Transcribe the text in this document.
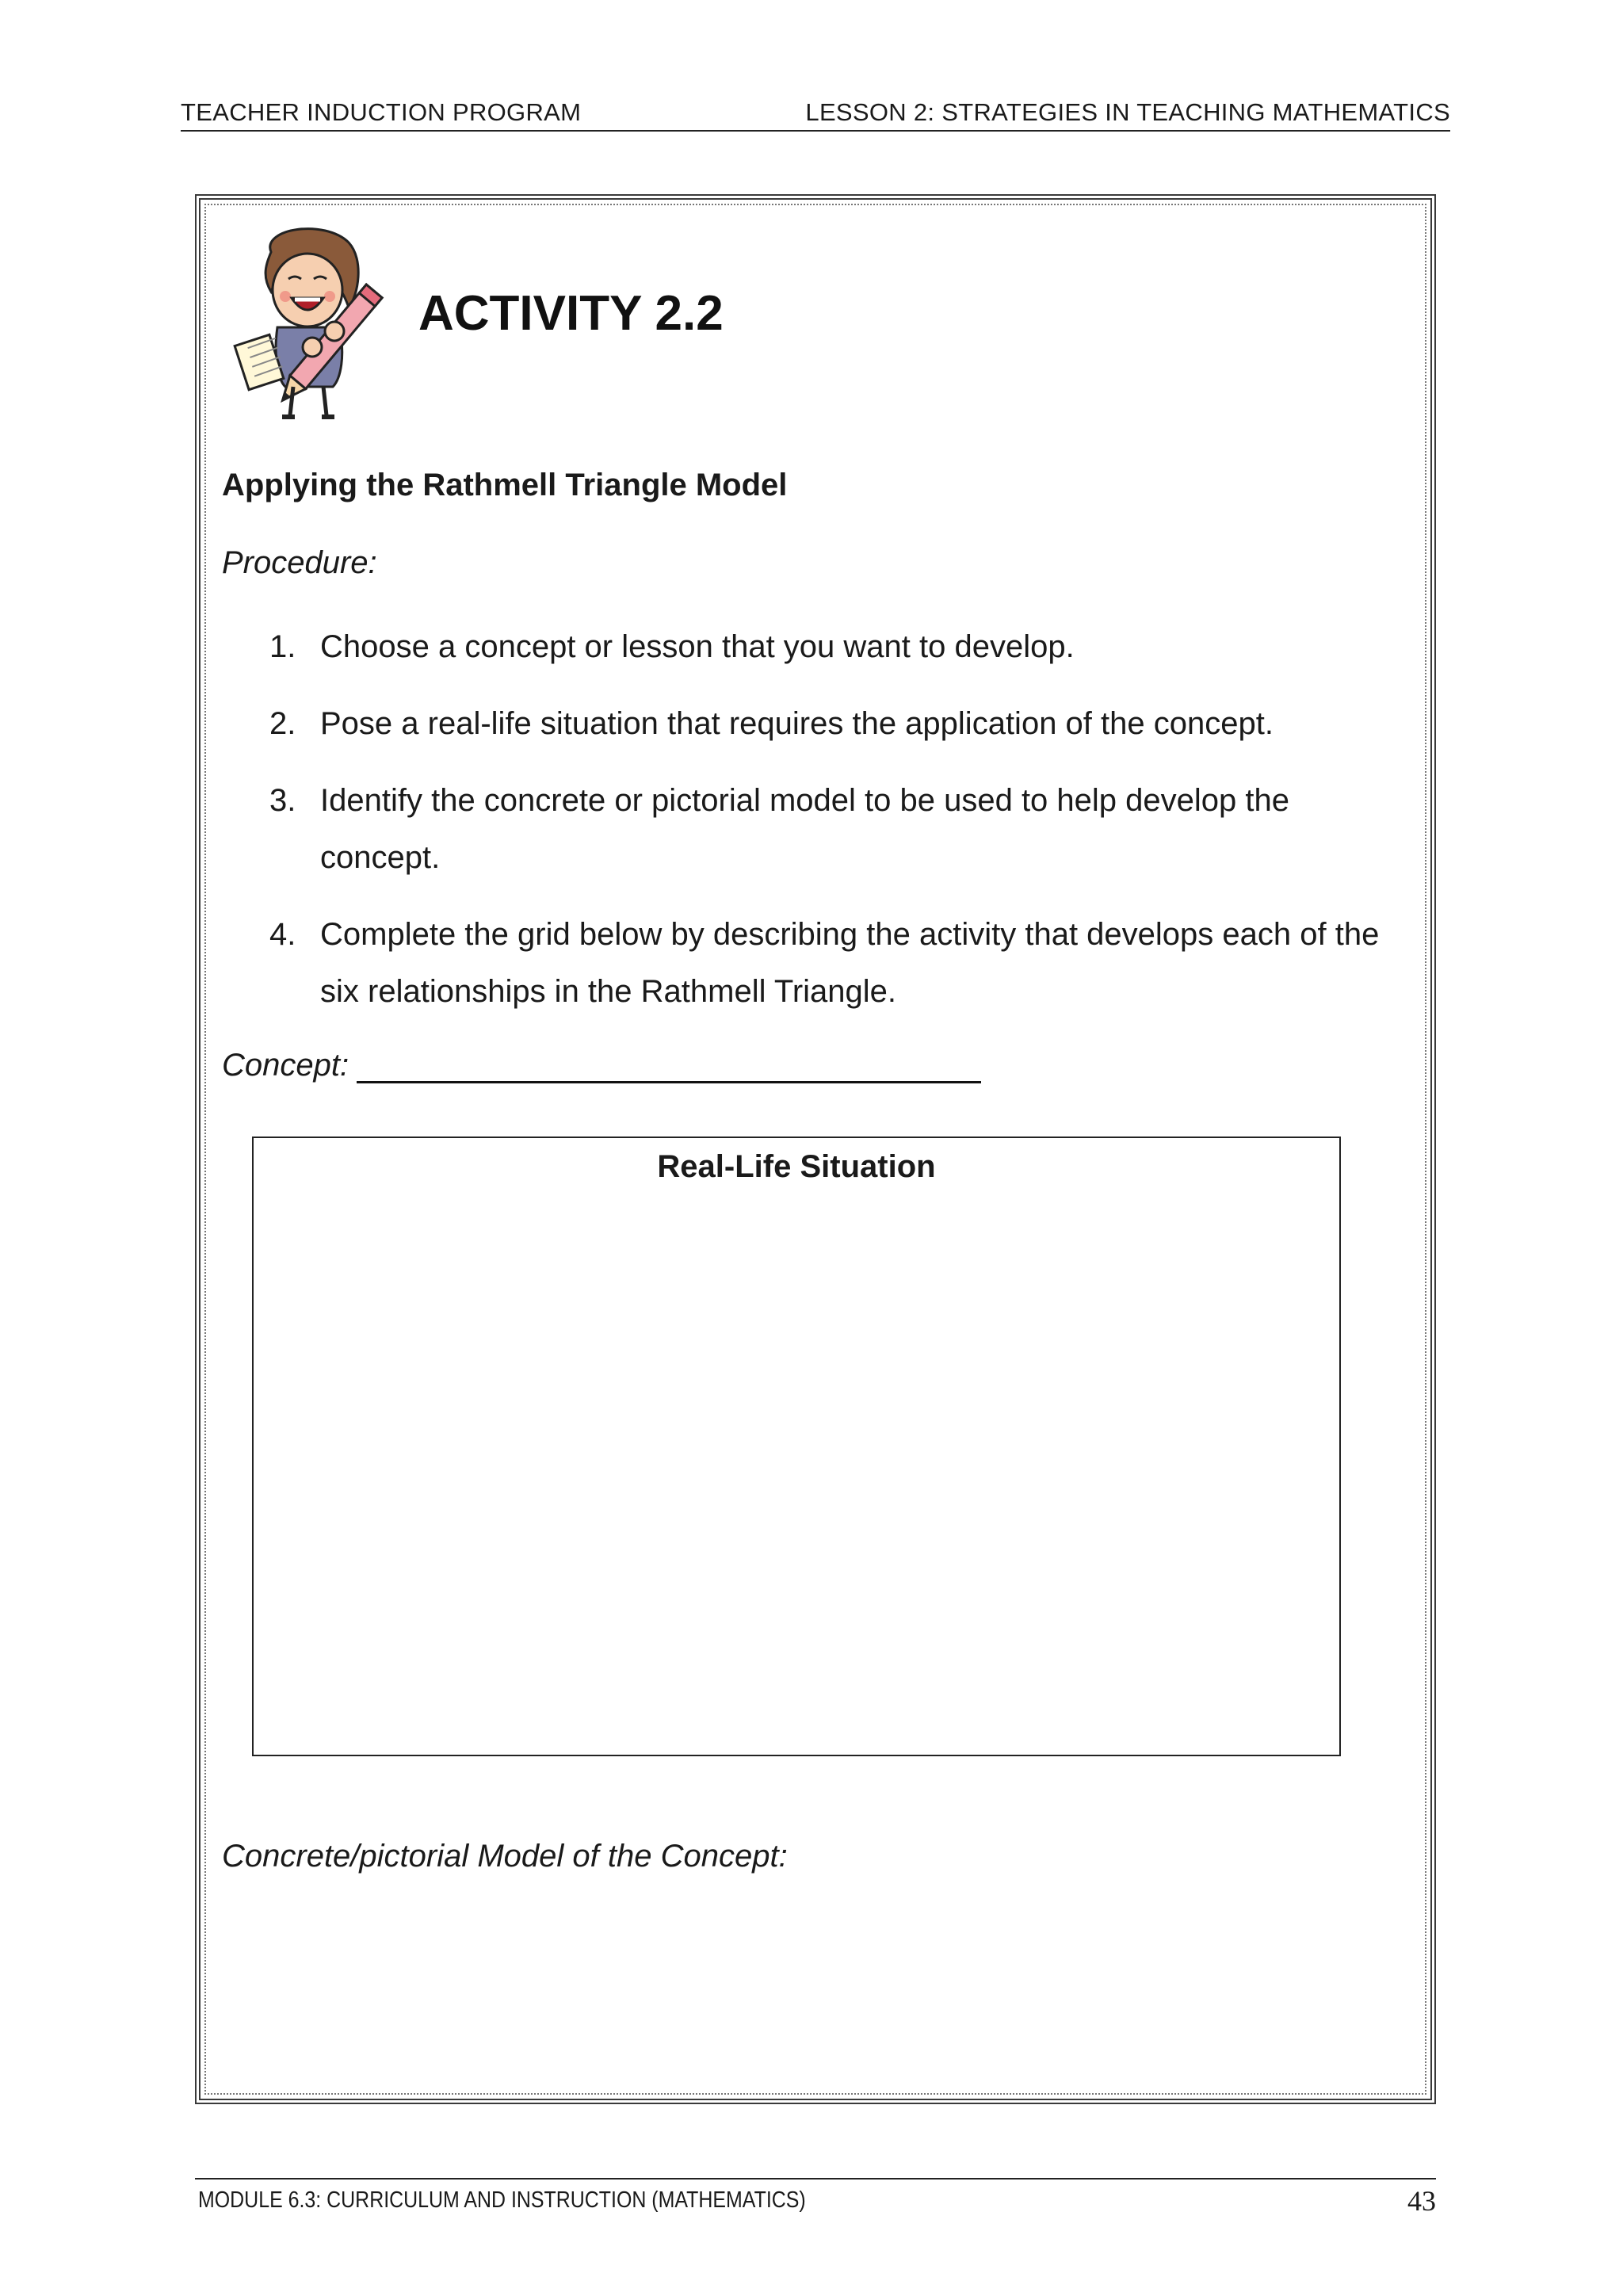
TEACHER INDUCTION PROGRAM	LESSON 2: STRATEGIES IN TEACHING MATHEMATICS
ACTIVITY 2.2
Applying the Rathmell Triangle Model
Procedure:
1. Choose a concept or lesson that you want to develop.
2. Pose a real-life situation that requires the application of the concept.
3. Identify the concrete or pictorial model to be used to help develop the concept.
4. Complete the grid below by describing the activity that develops each of the six relationships in the Rathmell Triangle.
Concept:
Real-Life Situation
Concrete/pictorial Model of the Concept:
MODULE 6.3: CURRICULUM AND INSTRUCTION (MATHEMATICS)	43
